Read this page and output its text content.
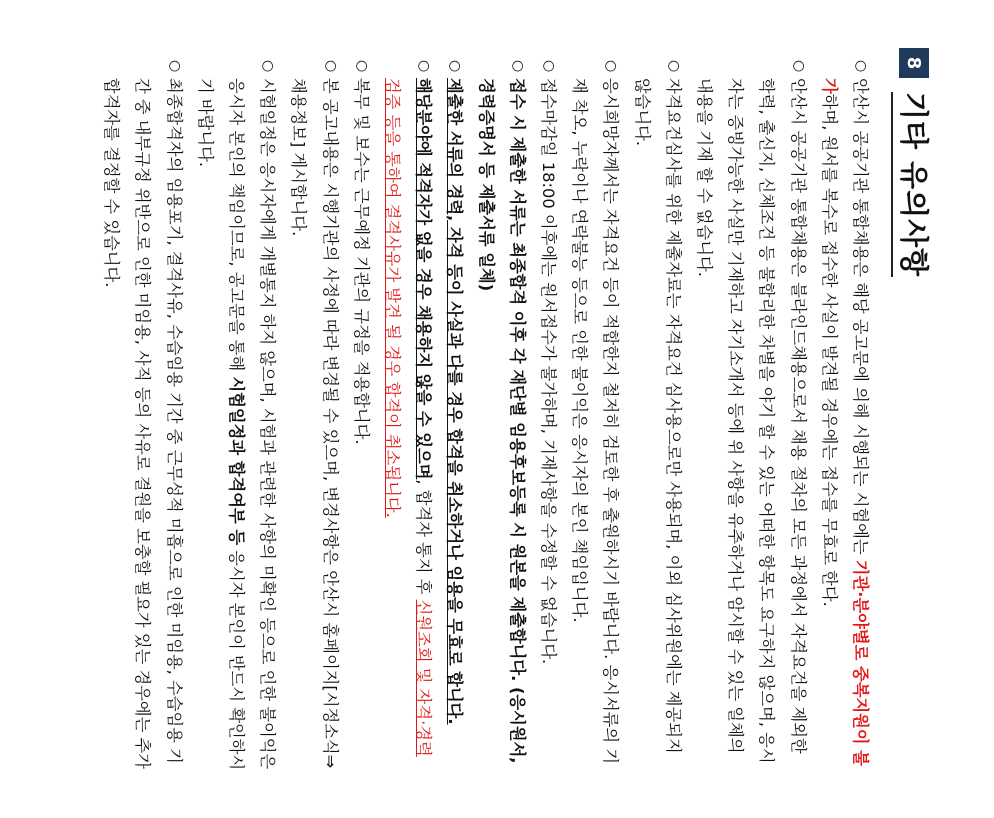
8
기타 유의사항
○
안산시 공공기관 통합채용은 해당 공고문에 의해 시행되는 시험에는 기관·분야별로 중복지원이 불가하며, 원서를 복수로 접수한 사실이 발견될 경우에는 접수를 무효로 한다.
○
안산시 공공기관 통합채용은 블라인드채용으로서 채용 절차의 모든 과정에서 자격요건을 제외한 학력, 출신지, 신체조건 등 불합리한 차별을 야기 할 수 있는 어떠한 항목도 요구하지 않으며, 응시자는 증빙가능한 사실만 기재하고 자기소개서 등에 위 사항을 유추하거나 암시할 수 있는 일체의 내용을 기재 할 수 없습니다.
○
자격요건심사를 위한 제출자료는 자격요건 심사용으로만 사용되며, 이외 심사위원에는 제공되지 않습니다.
○
응시희망자께서는 자격요건 등이 적합한지 철저히 검토한 후 출원하시기 바랍니다. 응시서류의 기재 착오, 누락이나 연락불능 등으로 인한 불이익은 응시자의 본인 책임입니다.
○
접수마감일 18:00 이후에는 원서접수가 불가하며, 기재사항을 수정할 수 없습니다.
○
접수 시 제출한 서류는 최종합격 이후 각 재단별 임용후보등록 시 원본을 제출합니다. (응시원서, 경력증명서 등 제출서류 일체)
○
제출한 서류의 경력, 자격 등이 사실과 다를 경우 합격을 취소하거나 임용을 무효로 합니다.
○
해당분야에 적격자가 없을 경우 채용하지 않을 수 있으며, 합격자 통지 후 신원조회 및 자격·경력검증 등을 통하여 결격사유가 발견 될 경우 합격이 취소됩니다.
○
복무 및 보수는 근무예정 기관의 규정을 적용합니다.
○
본 공고내용은 시행기관의 사정에 따라 변경될 수 있으며, 변경사항은 안산시 홈페이지[시정소식⇒채용정보] 게시합니다.
○
시험일정은 응시자에게 개별통지 하지 않으며, 시험과 관련한 사항의 미확인 등으로 인한 불이익은 응시자 본인의 책임이므로, 공고문을 통해 시험일정과 합격여부 등 응시자 본인이 반드시 확인하시기 바랍니다.
○
최종합격자의 임용포기, 결격사유, 수습임용 기간 중 근무성적 미흡으로 인한 미임용, 수습임용 기간 중 내부규정 위반으로 인한 미임용, 사직 등의 사유로 결원을 보충할 필요가 있는 경우에는 추가합격자를 결정할 수 있습니다.
